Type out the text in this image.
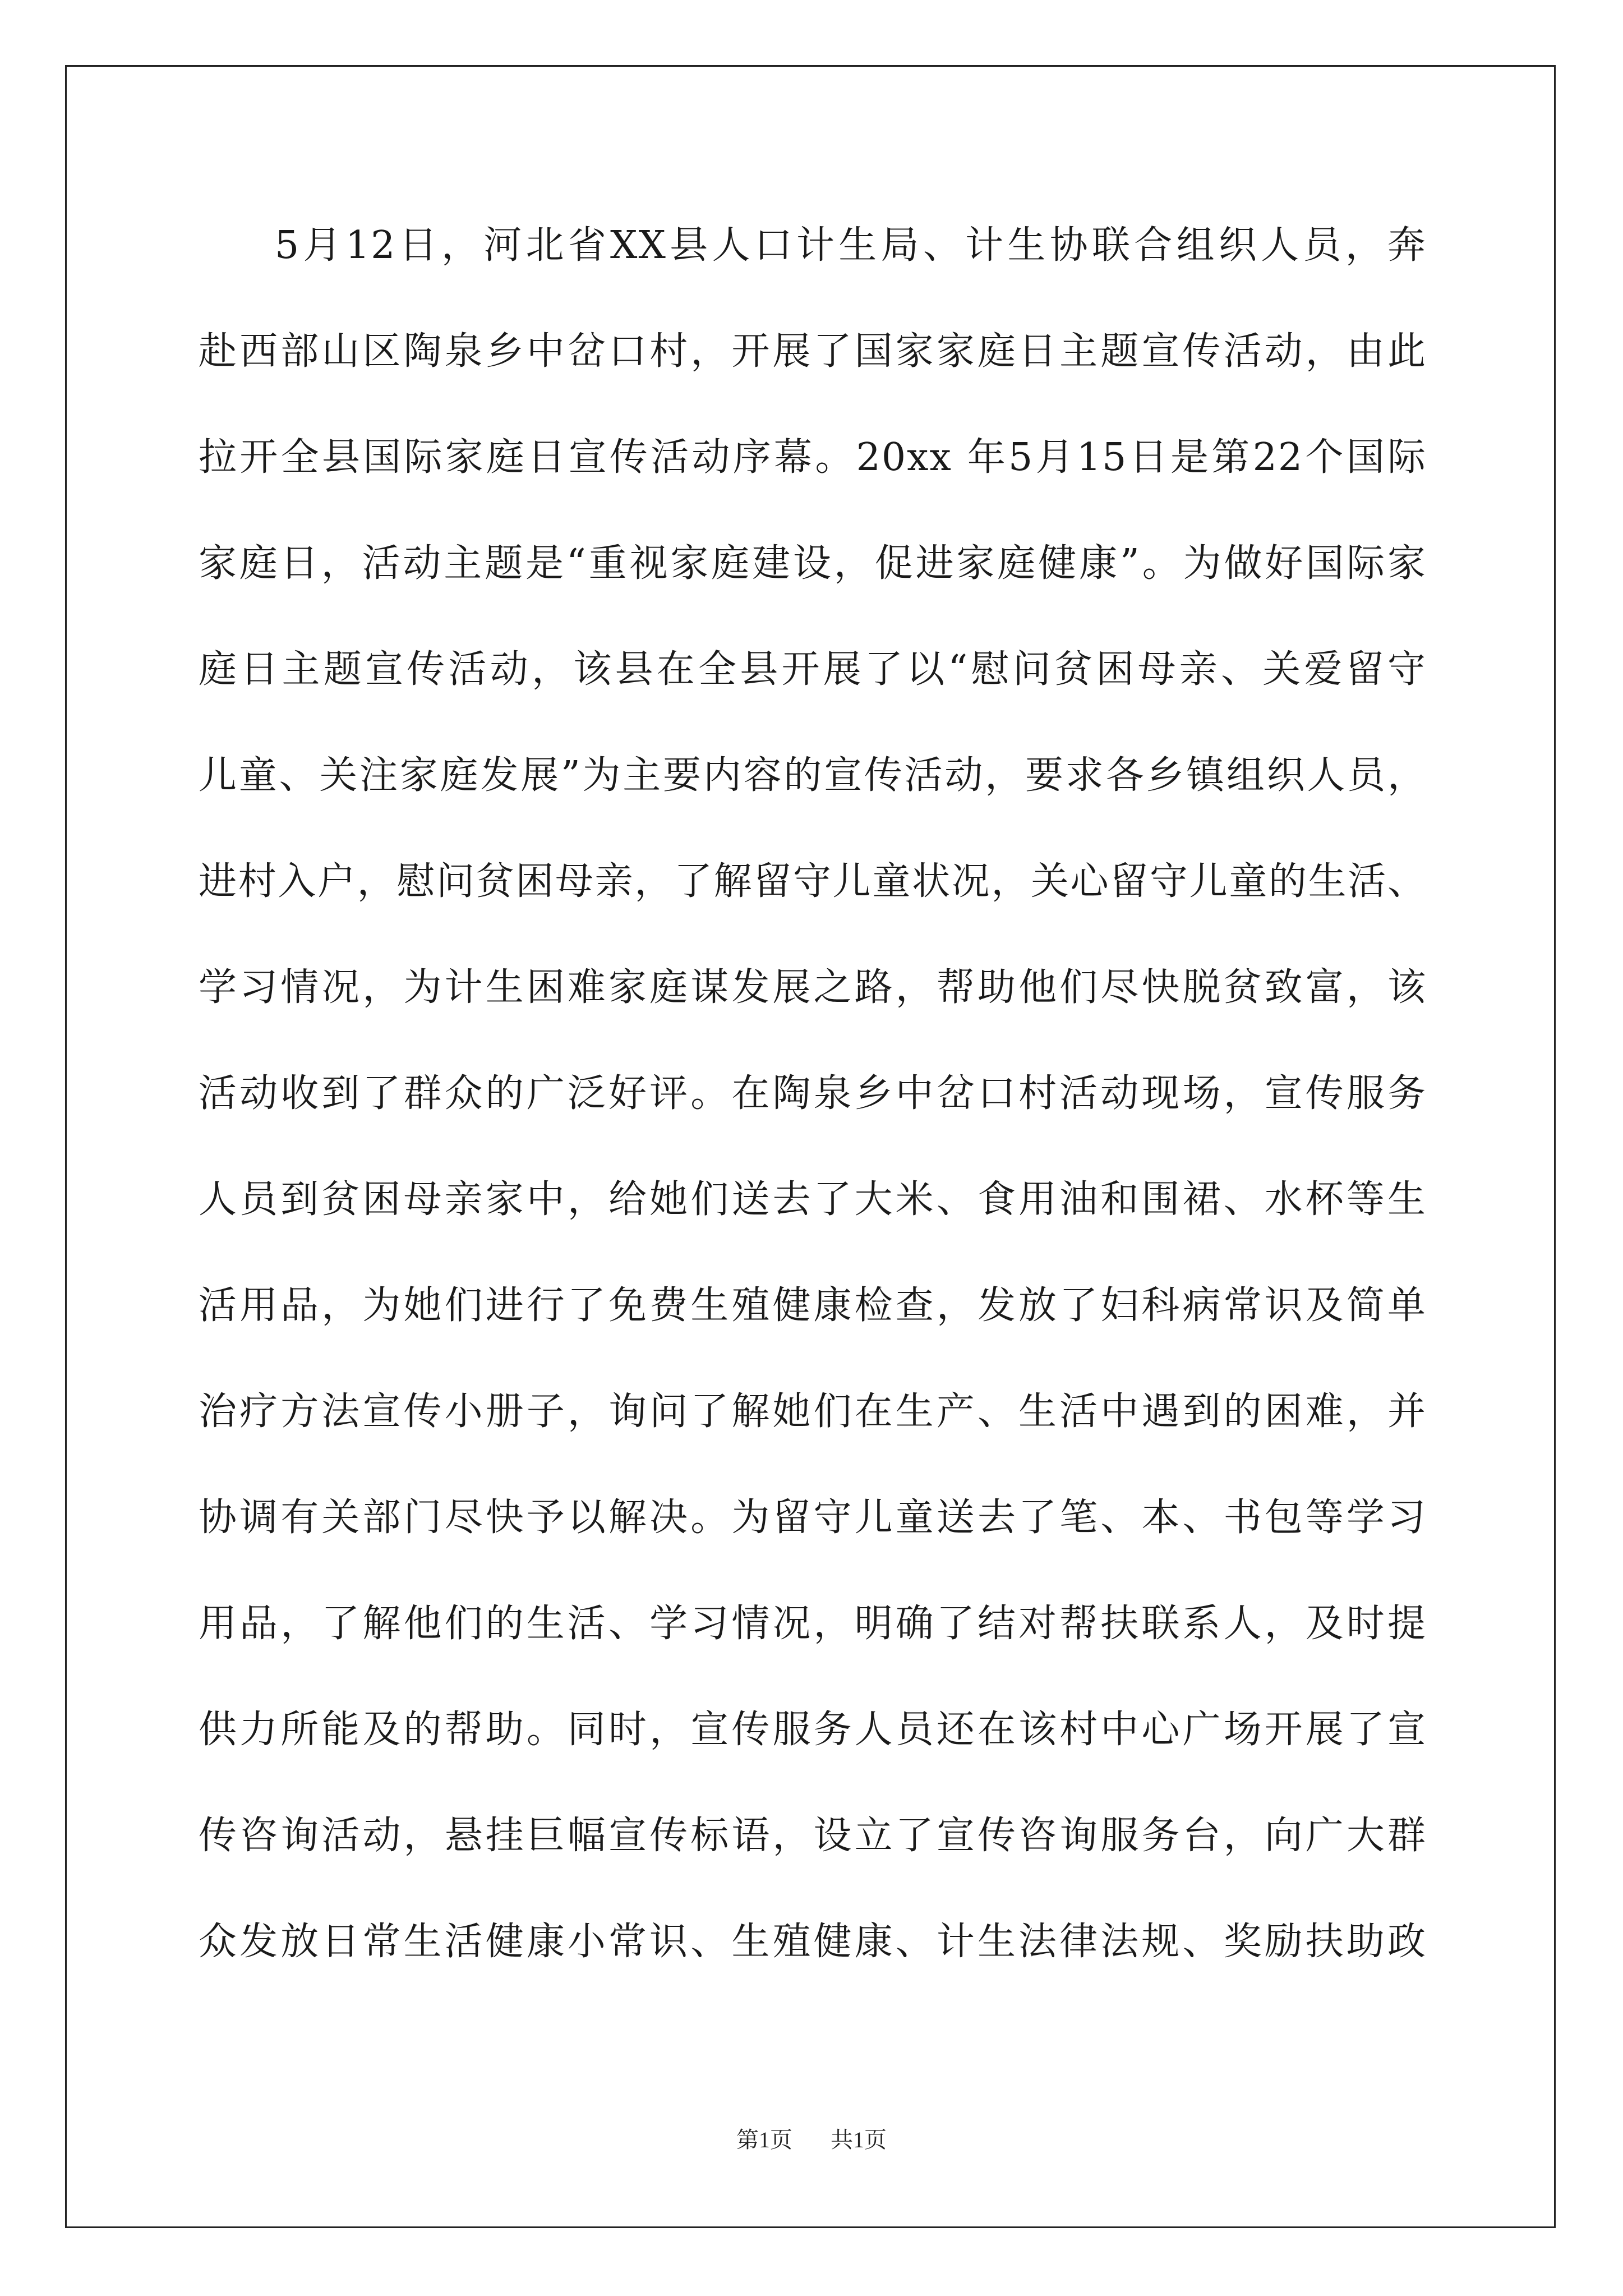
5月12日，河北省XX县人口计生局、计生协联合组织人员，奔
赴西部山区陶泉乡中岔口村，开展了国家家庭日主题宣传活动，由此
拉开全县国际家庭日宣传活动序幕。20xx 年5月15日是第22个国际
家庭日，活动主题是“重视家庭建设，促进家庭健康”。为做好国际家
庭日主题宣传活动，该县在全县开展了以“慰问贫困母亲、关爱留守
儿童、关注家庭发展”为主要内容的宣传活动，要求各乡镇组织人员，
进村入户，慰问贫困母亲，了解留守儿童状况，关心留守儿童的生活、
学习情况，为计生困难家庭谋发展之路，帮助他们尽快脱贫致富，该
活动收到了群众的广泛好评。在陶泉乡中岔口村活动现场，宣传服务
人员到贫困母亲家中，给她们送去了大米、食用油和围裙、水杯等生
活用品，为她们进行了免费生殖健康检查，发放了妇科病常识及简单
治疗方法宣传小册子，询问了解她们在生产、生活中遇到的困难，并
协调有关部门尽快予以解决。为留守儿童送去了笔、本、书包等学习
用品，了解他们的生活、学习情况，明确了结对帮扶联系人，及时提
供力所能及的帮助。同时，宣传服务人员还在该村中心广场开展了宣
传咨询活动，悬挂巨幅宣传标语，设立了宣传咨询服务台，向广大群
众发放日常生活健康小常识、生殖健康、计生法律法规、奖励扶助政
第1页 共1页
